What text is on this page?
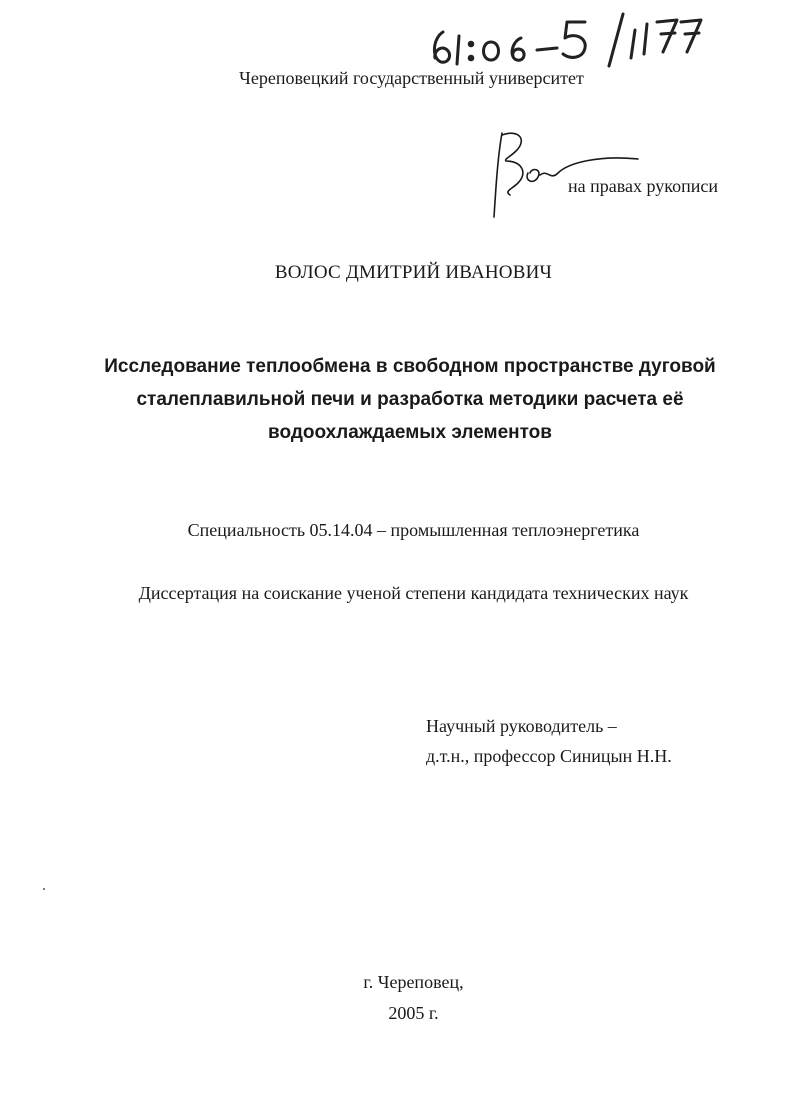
Череповецкий государственный университет
на правах рукописи
ВОЛОС ДМИТРИЙ ИВАНОВИЧ
Исследование теплообмена в свободном пространстве дуговой
сталеплавильной печи и разработка методики расчета её
водоохлаждаемых элементов
Специальность 05.14.04 – промышленная теплоэнергетика
Диссертация на соискание ученой степени кандидата технических наук
Научный руководитель –
д.т.н., профессор Синицын Н.Н.
г. Череповец,
2005 г.
